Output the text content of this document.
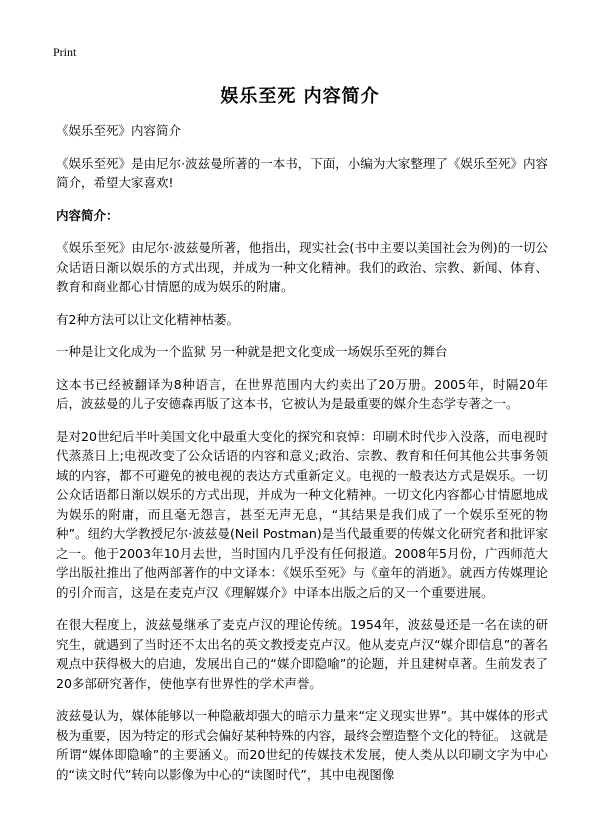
Print
娱乐至死 内容简介

《娱乐至死》内容简介

《娱乐至死》是由尼尔·波兹曼所著的一本书，下面，小编为大家整理了《娱乐至死》内容简介，希望大家喜欢!

内容简介：

《娱乐至死》由尼尔·波兹曼所著，他指出，现实社会(书中主要以美国社会为例)的一切公众话语日渐以娱乐的方式出现，并成为一种文化精神。我们的政治、宗教、新闻、体育、教育和商业都心甘情愿的成为娱乐的附庸。

有2种方法可以让文化精神枯萎。

一种是让文化成为一个监狱 另一种就是把文化变成一场娱乐至死的舞台

这本书已经被翻译为8种语言，在世界范围内大约卖出了20万册。2005年，时隔20年后，波兹曼的儿子安德森再版了这本书，它被认为是最重要的媒介生态学专著之一。

是对20世纪后半叶美国文化中最重大变化的探究和哀悼：印刷术时代步入没落，而电视时代蒸蒸日上;电视改变了公众话语的内容和意义;政治、宗教、教育和任何其他公共事务领域的内容，都不可避免的被电视的表达方式重新定义。电视的一般表达方式是娱乐。一切公众话语都日渐以娱乐的方式出现，并成为一种文化精神。一切文化内容都心甘情愿地成为娱乐的附庸，而且毫无怨言，甚至无声无息，“其结果是我们成了一个娱乐至死的物种”。纽约大学教授尼尔·波兹曼(Neil Postman)是当代最重要的传媒文化研究者和批评家之一。他于2003年10月去世，当时国内几乎没有任何报道。2008年5月份，广西师范大学出版社推出了他两部著作的中文译本：《娱乐至死》与《童年的消逝》。就西方传媒理论的引介而言，这是在麦克卢汉《理解媒介》中译本出版之后的又一个重要进展。

在很大程度上，波兹曼继承了麦克卢汉的理论传统。1954年，波兹曼还是一名在读的研究生，就遇到了当时还不太出名的英文教授麦克卢汉。他从麦克卢汉“媒介即信息”的著名观点中获得极大的启迪，发展出自己的“媒介即隐喻”的论题，并且建树卓著。生前发表了20多部研究著作，使他享有世界性的学术声誉。

波兹曼认为，媒体能够以一种隐蔽却强大的暗示力量来“定义现实世界”。其中媒体的形式极为重要，因为特定的形式会偏好某种特殊的内容，最终会塑造整个文化的特征。 这就是所谓“媒体即隐喻”的主要涵义。而20世纪的传媒技术发展，使人类从以印刷文字为中心的“读文时代”转向以影像为中心的“读图时代”，其中电视图像
